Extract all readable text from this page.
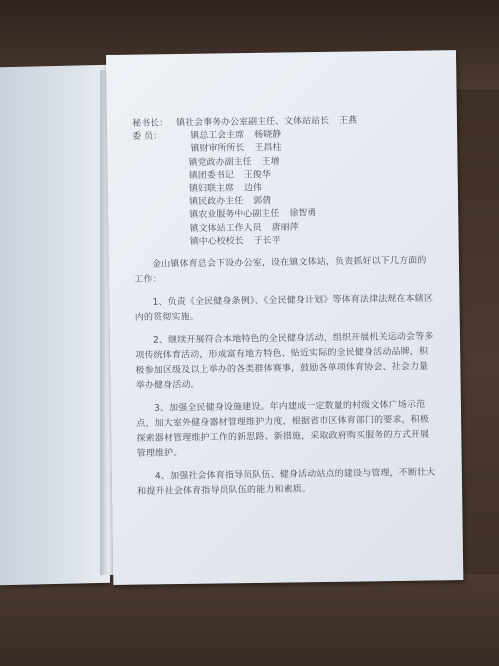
秘书长： 镇社会事务办公室副主任、文体站站长 王燕
委 员：	镇总工会主席 杨晓静
镇财审所所长 王昌柱
镇党政办副主任 王增
镇团委书记 王俊华
镇妇联主席 边伟
镇民政办主任 郭倩
镇农业服务中心副主任 徐智勇
镇文体站工作人员 唐丽萍
镇中心校校长 于长平
金山镇体育总会下设办公室，设在镇文体站，负责抓好以下几方面的工作：
1、负责《全民健身条例》、《全民健身计划》等体育法律法规在本辖区内的贯彻实施。
2、继续开展符合本地特色的全民健身活动，组织开展机关运动会等多项传统体育活动，形成富有地方特色、贴近实际的全民健身活动品牌，积极参加区级及以上举办的各类群体赛事，鼓励各单项体育协会、社会力量举办健身活动。
3、加强全民健身设施建设。年内建成一定数量的村级文体广场示范点，加大室外健身器材管理维护力度，根据省市区体育部门的要求，积极探索器材管理维护工作的新思路、新措施，采取政府购买服务的方式开展管理维护。
4、加强社会体育指导员队伍、健身活动站点的建设与管理，不断壮大和提升社会体育指导员队伍的能力和素质。
